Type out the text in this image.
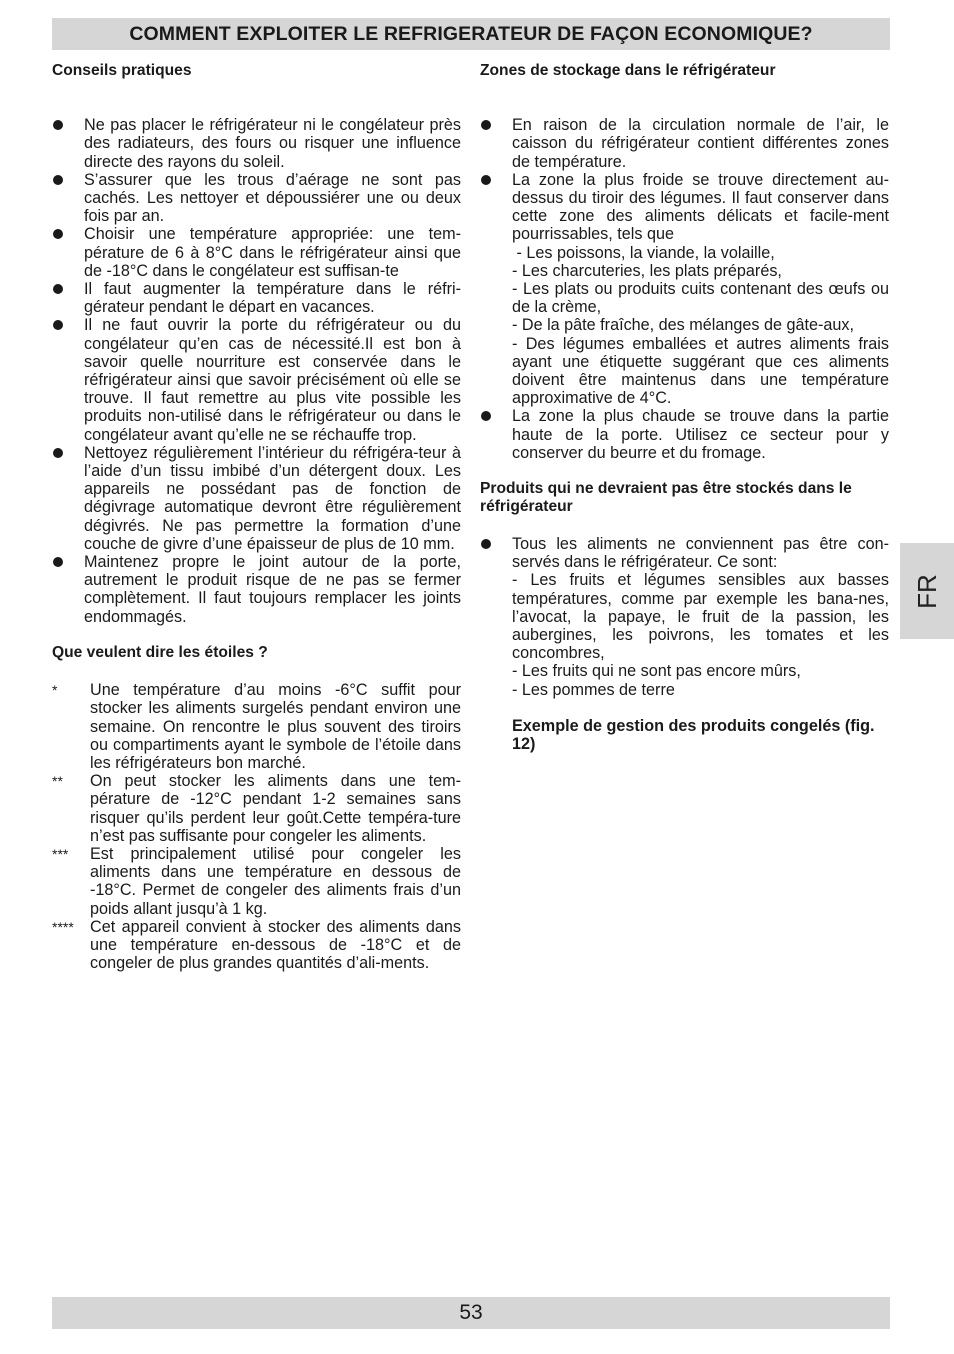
COMMENT EXPLOITER LE REFRIGERATEUR DE FAÇON ECONOMIQUE?
Conseils pratiques
Ne pas placer le réfrigérateur ni le congélateur près des radiateurs, des fours ou risquer une influence directe des rayons du soleil.
S’assurer que les trous d’aérage ne sont pas cachés. Les nettoyer et dépoussiérer une ou deux fois par an.
Choisir une température appropriée: une tem-pérature de 6 à 8°C dans le réfrigérateur ainsi que de -18°C dans le congélateur est suffisan-te
Il faut augmenter la température dans le réfri-gérateur pendant le départ en vacances.
Il ne faut ouvrir la porte du réfrigérateur ou du congélateur qu’en cas de nécessité.Il est bon à savoir quelle nourriture est conservée dans le réfrigérateur ainsi que savoir précisément où elle se trouve. Il faut remettre au plus vite possible les produits non-utilisé dans le réfrigérateur ou dans le congélateur avant qu’elle ne se réchauffe trop.
Nettoyez régulièrement l’intérieur du réfrigéra-teur à l’aide d’un tissu imbibé d’un détergent doux. Les appareils ne possédant pas de fonction de dégivrage automatique devront être régulièrement dégivrés. Ne pas permettre la formation d’une couche de givre d’une épaisseur de plus de 10 mm.
Maintenez propre le joint autour de la porte, autrement le produit risque de ne pas se fermer complètement. Il faut toujours remplacer les joints endommagés.
Que veulent dire les étoiles ?
* Une température d’au moins -6°C suffit pour stocker les aliments surgelés pendant environ une semaine. On rencontre le plus souvent des tiroirs ou compartiments ayant le symbole de l’étoile dans les réfrigérateurs bon marché.
** On peut stocker les aliments dans une tem-pérature de -12°C pendant 1-2 semaines sans risquer qu’ils perdent leur goût.Cette tempéra-ture n’est pas suffisante pour congeler les aliments.
*** Est principalement utilisé pour congeler les aliments dans une température en dessous de -18°C. Permet de congeler des aliments frais d’un poids allant jusqu’à 1 kg.
**** Cet appareil convient à stocker des aliments dans une température en-dessous de -18°C et de congeler de plus grandes quantités d’ali-ments.
Zones de stockage dans le réfrigérateur
En raison de la circulation normale de l’air, le caisson du réfrigérateur contient différentes zones de température.
La zone la plus froide se trouve directement au-dessus du tiroir des légumes. Il faut conserver dans cette zone des aliments délicats et facile-ment pourrissables, tels que
- Les poissons, la viande, la volaille,
- Les charcuteries, les plats préparés,
- Les plats ou produits cuits contenant des œufs ou de la crème,
- De la pâte fraîche, des mélanges de gâte-aux,
- Des légumes emballées et autres aliments frais ayant une étiquette suggérant que ces aliments doivent être maintenus dans une température approximative de 4°C.
La zone la plus chaude se trouve dans la partie haute de la porte. Utilisez ce secteur pour y conserver du beurre et du fromage.
Produits qui ne devraient pas être stockés dans le réfrigérateur
Tous les aliments ne conviennent pas être con-servés dans le réfrigérateur. Ce sont:
- Les fruits et légumes sensibles aux basses températures, comme par exemple les bana-nes, l’avocat, la papaye, le fruit de la passion, les aubergines, les poivrons, les tomates et les concombres,
- Les fruits qui ne sont pas encore mûrs,
- Les pommes de terre
Exemple de gestion des produits congelés (fig. 12)
FR
53
